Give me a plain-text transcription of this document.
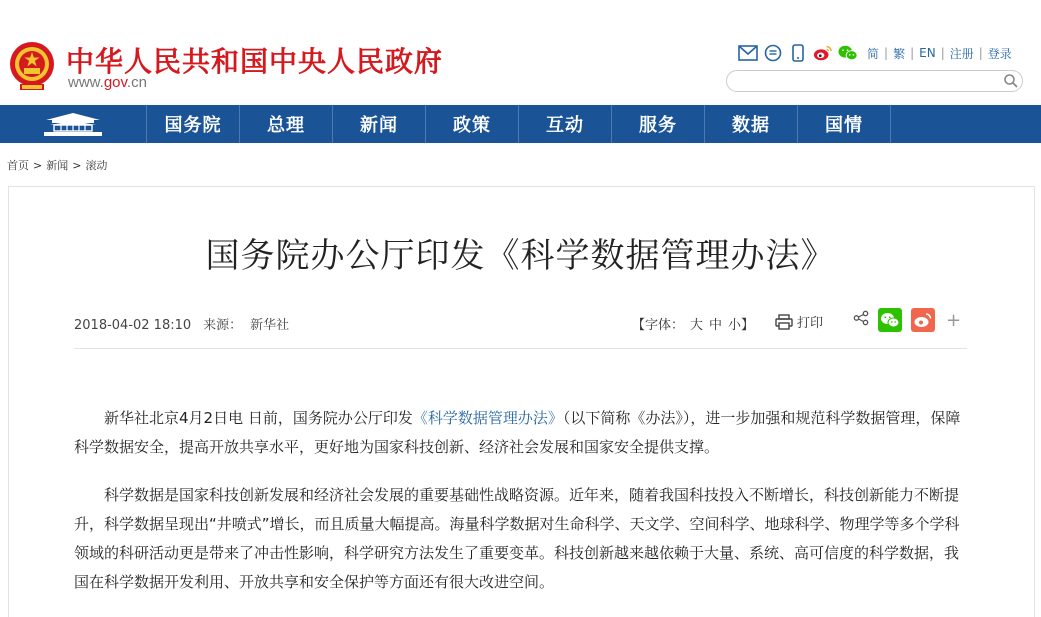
中华人民共和国中央人民政府
www.gov.cn
简 | 繁 | EN | 注册 | 登录
国务院	总理	新闻	政策	互动	服务	数据	国情
首页 > 新闻 > 滚动
国务院办公厅印发《科学数据管理办法》
2018-04-02 18:10 来源： 新华社	【字体： 大 中 小】	打印	+

新华社北京4月2日电 日前，国务院办公厅印发《科学数据管理办法》（以下简称《办法》），进一步加强和规范科学数据管理，保障科学数据安全，提高开放共享水平，更好地为国家科技创新、经济社会发展和国家安全提供支撑。

科学数据是国家科技创新发展和经济社会发展的重要基础性战略资源。近年来，随着我国科技投入不断增长，科技创新能力不断提升，科学数据呈现出“井喷式”增长，而且质量大幅提高。海量科学数据对生命科学、天文学、空间科学、地球科学、物理学等多个学科领域的科研活动更是带来了冲击性影响，科学研究方法发生了重要变革。科技创新越来越依赖于大量、系统、高可信度的科学数据，我国在科学数据开发利用、开放共享和安全保护等方面还有很大改进空间。
